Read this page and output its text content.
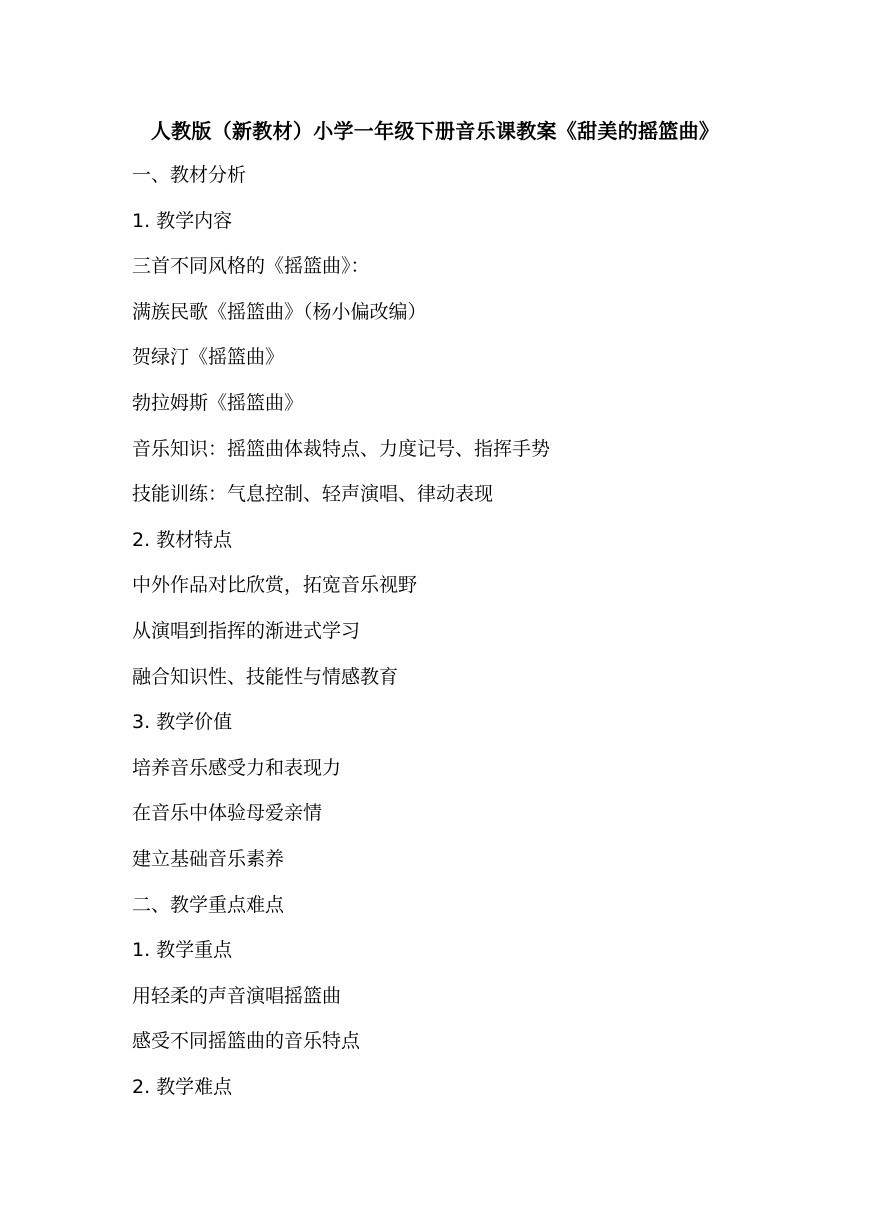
人教版（新教材）小学一年级下册音乐课教案《甜美的摇篮曲》
一、教材分析
1. 教学内容
三首不同风格的《摇篮曲》：
满族民歌《摇篮曲》（杨小偏改编）
贺绿汀《摇篮曲》
勃拉姆斯《摇篮曲》
音乐知识：摇篮曲体裁特点、力度记号、指挥手势
技能训练：气息控制、轻声演唱、律动表现
2. 教材特点
中外作品对比欣赏，拓宽音乐视野
从演唱到指挥的渐进式学习
融合知识性、技能性与情感教育
3. 教学价值
培养音乐感受力和表现力
在音乐中体验母爱亲情
建立基础音乐素养
二、教学重点难点
1. 教学重点
用轻柔的声音演唱摇篮曲
感受不同摇篮曲的音乐特点
2. 教学难点
